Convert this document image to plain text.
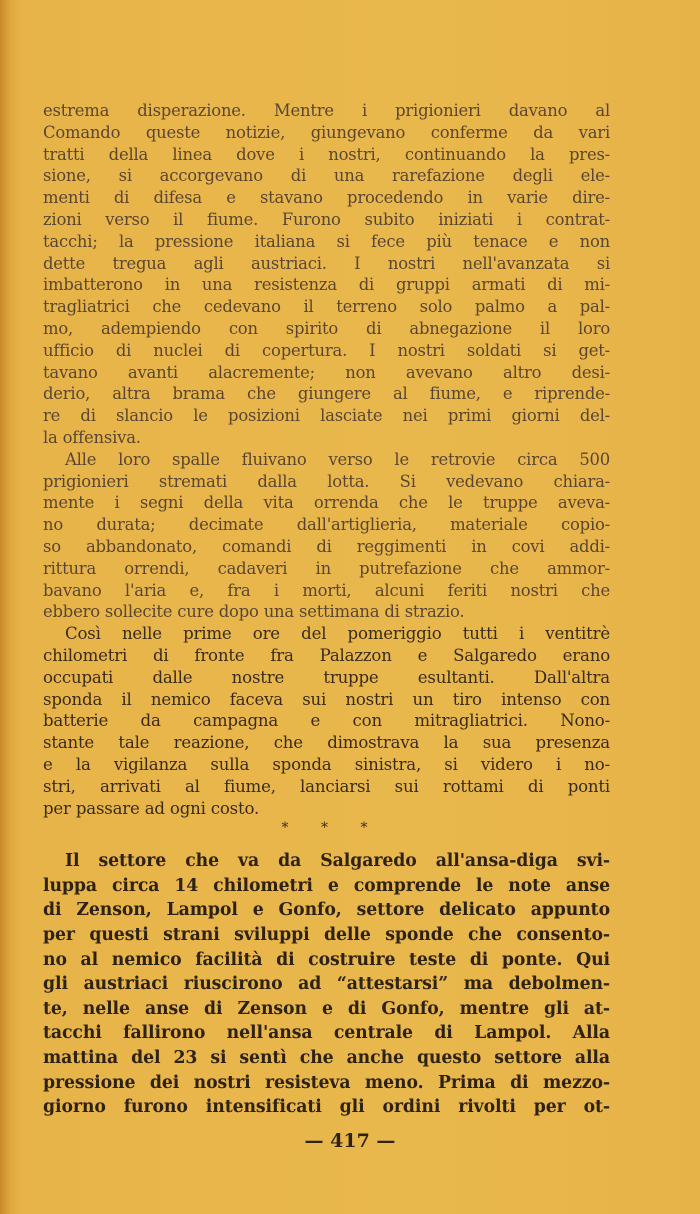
estrema disperazione. Mentre i prigionieri davano al
Comando queste notizie, giungevano conferme da vari
tratti della linea dove i nostri, continuando la pres-
sione, si accorgevano di una rarefazione degli ele-
menti di difesa e stavano procedendo in varie dire-
zioni verso il fiume. Furono subito iniziati i contrat-
tacchi; la pressione italiana si fece più tenace e non
dette tregua agli austriaci. I nostri nell'avanzata si
imbatterono in una resistenza di gruppi armati di mi-
tragliatrici che cedevano il terreno solo palmo a pal-
mo, adempiendo con spirito di abnegazione il loro
ufficio di nuclei di copertura. I nostri soldati si get-
tavano avanti alacremente; non avevano altro desi-
derio, altra brama che giungere al fiume, e riprende-
re di slancio le posizioni lasciate nei primi giorni del-
la offensiva.
Alle loro spalle fluivano verso le retrovie circa 500
prigionieri stremati dalla lotta. Si vedevano chiara-
mente i segni della vita orrenda che le truppe aveva-
no durata; decimate dall'artiglieria, materiale copio-
so abbandonato, comandi di reggimenti in covi addi-
rittura orrendi, cadaveri in putrefazione che ammor-
bavano l'aria e, fra i morti, alcuni feriti nostri che
ebbero sollecite cure dopo una settimana di strazio.
Così nelle prime ore del pomeriggio tutti i ventitrè
chilometri di fronte fra Palazzon e Salgaredo erano
occupati dalle nostre truppe esultanti. Dall'altra
sponda il nemico faceva sui nostri un tiro intenso con
batterie da campagna e con mitragliatrici. Nono-
stante tale reazione, che dimostrava la sua presenza
e la vigilanza sulla sponda sinistra, si videro i no-
stri, arrivati al fiume, lanciarsi sui rottami di ponti
per passare ad ogni costo.
* * *
Il settore che va da Salgaredo all'ansa-diga svi-
luppa circa 14 chilometri e comprende le note anse
di Zenson, Lampol e Gonfo, settore delicato appunto
per questi strani sviluppi delle sponde che consento-
no al nemico facilità di costruire teste di ponte. Qui
gli austriaci riuscirono ad “attestarsi” ma debolmen-
te, nelle anse di Zenson e di Gonfo, mentre gli at-
tacchi fallirono nell'ansa centrale di Lampol. Alla
mattina del 23 si sentì che anche questo settore alla
pressione dei nostri resisteva meno. Prima di mezzo-
giorno furono intensificati gli ordini rivolti per ot-
— 417 —
